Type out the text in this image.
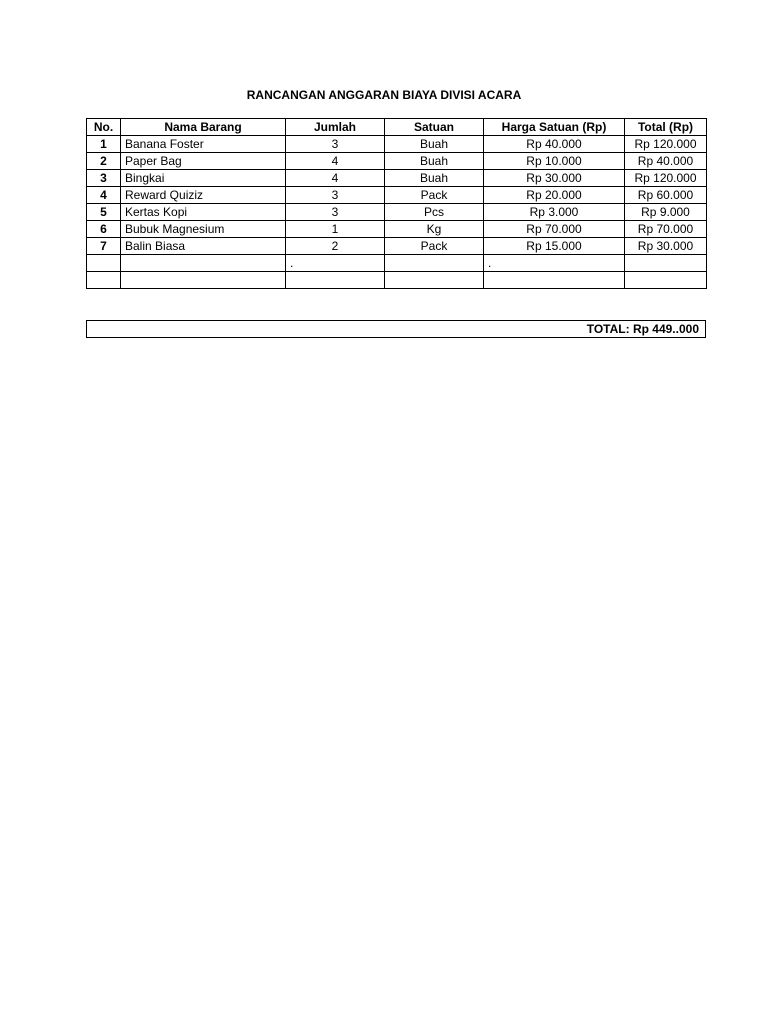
RANCANGAN ANGGARAN BIAYA DIVISI ACARA
No.	Nama Barang	Jumlah	Satuan	Harga Satuan (Rp)	Total (Rp)
1	Banana Foster	3	Buah	Rp 40.000	Rp 120.000
2	Paper Bag	4	Buah	Rp 10.000	Rp 40.000
3	Bingkai	4	Buah	Rp 30.000	Rp 120.000
4	Reward Quiziz	3	Pack	Rp 20.000	Rp 60.000
5	Kertas Kopi	3	Pcs	Rp 3.000	Rp 9.000
6	Bubuk Magnesium	1	Kg	Rp 70.000	Rp 70.000
7	Balin Biasa	2	Pack	Rp 15.000	Rp 30.000
		.		.	

TOTAL: Rp 449..000
